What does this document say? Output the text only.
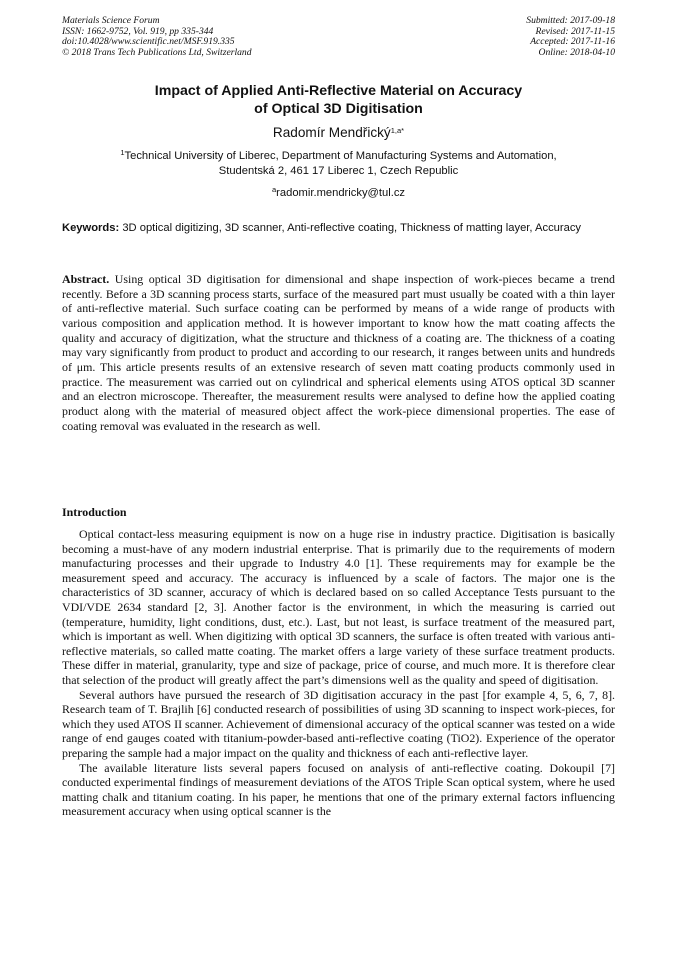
Materials Science Forum
ISSN: 1662-9752, Vol. 919, pp 335-344
doi:10.4028/www.scientific.net/MSF.919.335
© 2018 Trans Tech Publications Ltd, Switzerland
Submitted: 2017-09-18
Revised: 2017-11-15
Accepted: 2017-11-16
Online: 2018-04-10
Impact of Applied Anti-Reflective Material on Accuracy
of Optical 3D Digitisation
Radomír Mendřický$^{1,a*}$
$^1$Technical University of Liberec, Department of Manufacturing Systems and Automation,
Studentská 2, 461 17 Liberec 1, Czech Republic
$^a$radomir.mendricky@tul.cz
Keywords: 3D optical digitizing, 3D scanner, Anti-reflective coating, Thickness of matting layer, Accuracy
Abstract. Using optical 3D digitisation for dimensional and shape inspection of work-pieces became a trend recently. Before a 3D scanning process starts, surface of the measured part must usually be coated with a thin layer of anti-reflective material. Such surface coating can be performed by means of a wide range of products with various composition and application method. It is however important to know how the matt coating affects the quality and accuracy of digitization, what the structure and thickness of a coating are. The thickness of a coating may vary significantly from product to product and according to our research, it ranges between units and hundreds of μm. This article presents results of an extensive research of seven matt coating products commonly used in practice. The measurement was carried out on cylindrical and spherical elements using ATOS optical 3D scanner and an electron microscope. Thereafter, the measurement results were analysed to define how the applied coating product along with the material of measured object affect the work-piece dimensional properties. The ease of coating removal was evaluated in the research as well.
Introduction

Optical contact-less measuring equipment is now on a huge rise in industry practice. Digitisation is basically becoming a must-have of any modern industrial enterprise. That is primarily due to the requirements of modern manufacturing processes and their upgrade to Industry 4.0 [1]. These requirements may for example be the measurement speed and accuracy. The accuracy is influenced by a scale of factors. The major one is the characteristics of 3D scanner, accuracy of which is declared based on so called Acceptance Tests pursuant to the VDI/VDE 2634 standard [2, 3]. Another factor is the environment, in which the measuring is carried out (temperature, humidity, light conditions, dust, etc.). Last, but not least, is surface treatment of the measured part, which is important as well. When digitizing with optical 3D scanners, the surface is often treated with various anti-reflective materials, so called matte coating. The market offers a large variety of these surface treatment products. These differ in material, granularity, type and size of package, price of course, and much more. It is therefore clear that selection of the product will greatly affect the part’s dimensions well as the quality and speed of digitisation.

Several authors have pursued the research of 3D digitisation accuracy in the past [for example 4, 5, 6, 7, 8]. Research team of T. Brajlih [6] conducted research of possibilities of using 3D scanning to inspect work-pieces, for which they used ATOS II scanner. Achievement of dimensional accuracy of the optical scanner was tested on a wide range of end gauges coated with titanium-powder-based anti-reflective coating (TiO2). Experience of the operator preparing the sample had a major impact on the quality and thickness of each anti-reflective layer.

The available literature lists several papers focused on analysis of anti-reflective coating. Dokoupil [7] conducted experimental findings of measurement deviations of the ATOS Triple Scan optical system, where he used matting chalk and titanium coating. In his paper, he mentions that one of the primary external factors influencing measurement accuracy when using optical scanner is the
